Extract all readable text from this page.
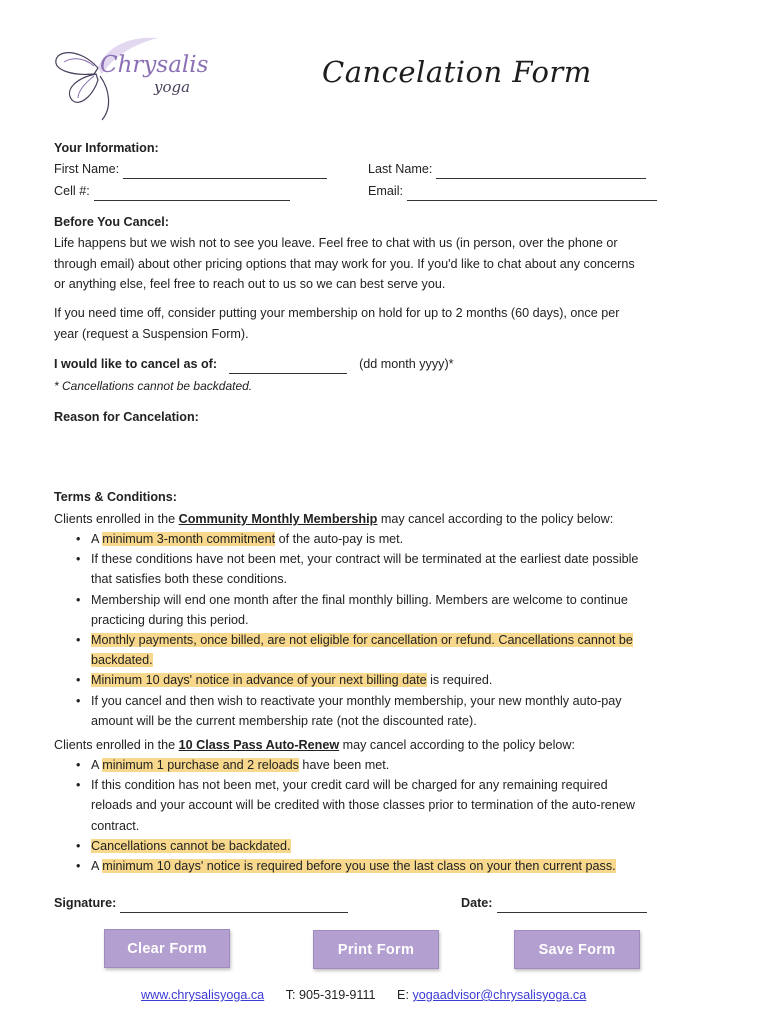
Chrysalis
yoga	Cancelation Form
Your Information:
First Name:	Last Name:
Cell #:	Email:
Before You Cancel:
Life happens but we wish not to see you leave. Feel free to chat with us (in person, over the phone or
through email) about other pricing options that may work for you. If you'd like to chat about any concerns
or anything else, feel free to reach out to us so we can best serve you.
If you need time off, consider putting your membership on hold for up to 2 months (60 days), once per
year (request a Suspension Form).
I would like to cancel as of:	(dd month yyyy)*
* Cancellations cannot be backdated.
Reason for Cancelation:
Terms & Conditions:
Clients enrolled in the Community Monthly Membership may cancel according to the policy below:
• A minimum 3-month commitment of the auto-pay is met.
• If these conditions have not been met, your contract will be terminated at the earliest date possible
that satisfies both these conditions.
• Membership will end one month after the final monthly billing. Members are welcome to continue
practicing during this period.
• Monthly payments, once billed, are not eligible for cancellation or refund. Cancellations cannot be
backdated.
• Minimum 10 days' notice in advance of your next billing date is required.
• If you cancel and then wish to reactivate your monthly membership, your new monthly auto-pay
amount will be the current membership rate (not the discounted rate).
Clients enrolled in the 10 Class Pass Auto-Renew may cancel according to the policy below:
• A minimum 1 purchase and 2 reloads have been met.
• If this condition has not been met, your credit card will be charged for any remaining required
reloads and your account will be credited with those classes prior to termination of the auto-renew
contract.
• Cancellations cannot be backdated.
• A minimum 10 days' notice is required before you use the last class on your then current pass.
Signature:	Date:
Clear Form	Print Form	Save Form
www.chrysalisyoga.ca T: 905-319-9111 E: yogaadvisor@chrysalisyoga.ca
